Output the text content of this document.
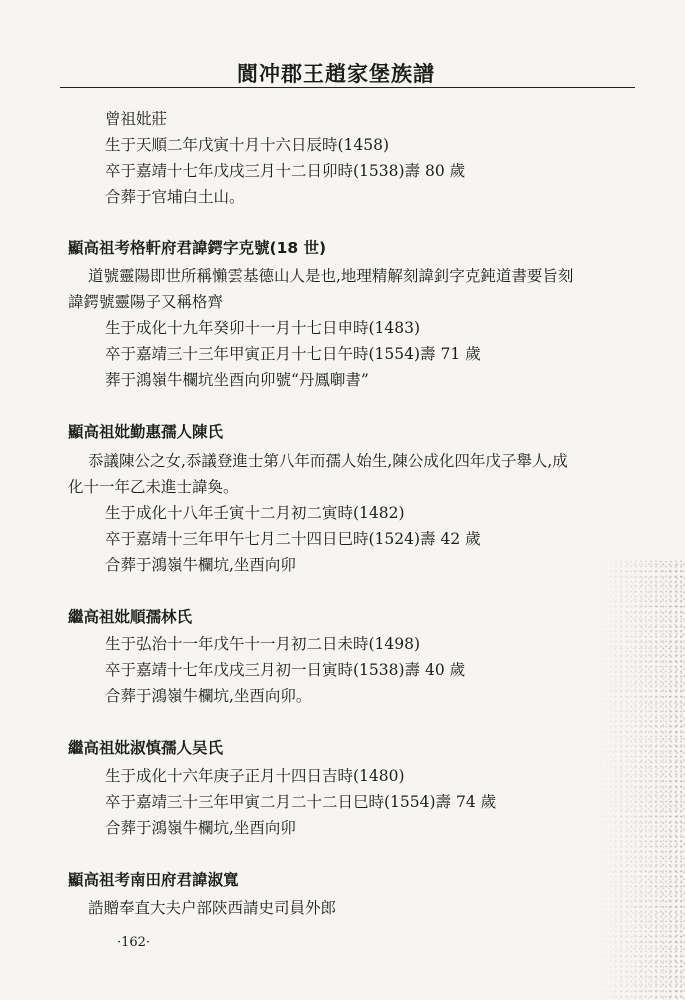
閬冲郡王趙家堡族譜
曾祖妣莊
生于天順二年戊寅十月十六日辰時(1458)
卒于嘉靖十七年戊戌三月十二日卯時(1538)壽 80 歲
合葬于官埔白土山。
顯高祖考格軒府君諱鍔字克號(18 世)
道號靈陽即世所稱懶雲基德山人是也,地理精解刻諱釗字克鈍道書要旨刻
諱鍔號靈陽子又稱格齊
生于成化十九年癸卯十一月十七日申時(1483)
卒于嘉靖三十三年甲寅正月十七日午時(1554)壽 71 歲
葬于鴻嶺牛欄坑坐酉向卯號“丹鳳啣書”
顯高祖妣勤惠孺人陳氏
忝議陳公之女,忝議登進士第八年而孺人始生,陳公成化四年戊子舉人,成
化十一年乙未進士諱奐。
生于成化十八年壬寅十二月初二寅時(1482)
卒于嘉靖十三年甲午七月二十四日巳時(1524)壽 42 歲
合葬于鴻嶺牛欄坑,坐酉向卯
繼高祖妣順孺林氏
生于弘治十一年戊午十一月初二日未時(1498)
卒于嘉靖十七年戊戌三月初一日寅時(1538)壽 40 歲
合葬于鴻嶺牛欄坑,坐酉向卯。
繼高祖妣淑慎孺人吴氏
生于成化十六年庚子正月十四日吉時(1480)
卒于嘉靖三十三年甲寅二月二十二日巳時(1554)壽 74 歲
合葬于鴻嶺牛欄坑,坐酉向卯
顯高祖考南田府君諱淑寬
誥贈奉直大夫户部陝西請史司員外郎
·162·
